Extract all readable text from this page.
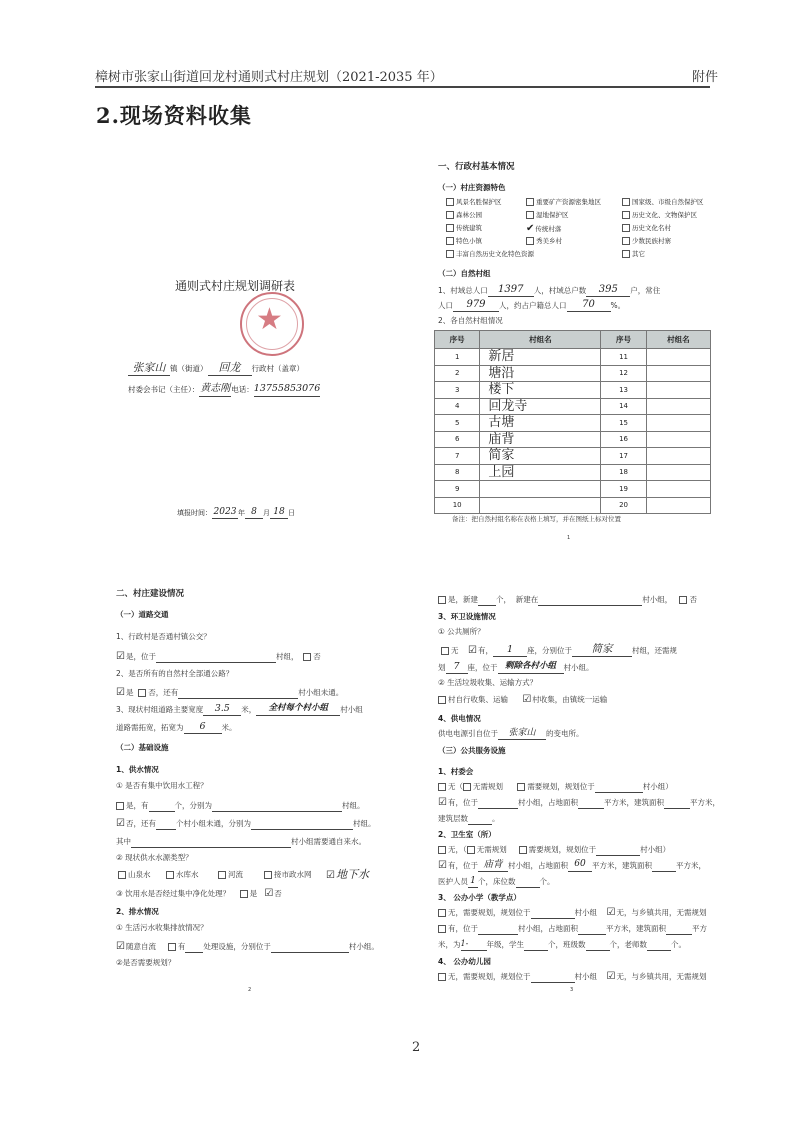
樟树市张家山街道回龙村通则式村庄规划（2021-2035 年）	附件
2.现场资料收集
通则式村庄规划调研表
★
张家山 镇（街道） 回龙 行政村（盖章）
村委会书记（主任）：黄志刚电话：13755853076
填报时间： 2023 年 8 月 18 日
一、行政村基本情况
（一）村庄资源特色
风景名胜保护区	重要矿产资源密集地区	国家级、市级自然保护区
森林公园	湿地保护区	历史文化、文物保护区
传统建筑	✔传统村落	历史文化名村
特色小镇	秀美乡村	少数民族村寨
丰富自然历史文化特色资源	其它
（二）自然村组
1、村域总人口 1397 人，村域总户数 395 户，常住
人口 979 人，约占户籍总人口 70 %。
2、各自然村组情况
序号	村组名	序号	村组名
1	新居	11	
2	塘沿	12	
3	楼下	13	
4	回龙寺	14	
5	古塘	15	
6	庙背	16	
7	简家	17	
8	上园	18	
9		19	
10		20	
备注：把自然村组名称在表格上填写，并在图纸上标对位置
1
二、村庄建设情况
（一）道路交通
1、行政村是否通村镇公交？
☑是，位于	村组， 否
2、是否所有的自然村全部通公路？
☑是 否，还有	村小组未通。
3、现状村组道路主要宽度 3.5 米， 全村每个村小组 村小组
道路需拓宽，拓宽为 6 米。
（二）基础设施
1、供水情况
① 是否有集中饮用水工程？
是，有	个，分别为	村组。
☑否，还有	个村小组未通，分别为	村组。
其中	村小组需要通自来水。
② 现状供水水源类型？
山泉水	水库水	河流	接市政水网 ☑地下水
③ 饮用水是否经过集中净化处理？	是 ☑否
2、排水情况
① 生活污水收集排放情况？
☑随意自流	有 处理设施，分别位于	村小组。
②是否需要规划？
2
是，新建 个， 新建在	村小组， 否
3、环卫设施情况
① 公共厕所？
无 ☑有， 1 座，分别位于 简家	村组，还需规
划 7 座，位于 剩除各村小组 村小组。
② 生活垃圾收集、运输方式？
村自行收集、运输 ☑村收集，由镇统一运输
4、供电情况
供电电源引自位于 张家山 的变电所。
（三）公共服务设施
1、村委会
无（ 无需规划	需要规划，规划位于	村小组）
☑有，位于	村小组，占地面积	平方米，建筑面积	平方米，
建筑层数	。
2、卫生室（所）
无，（ 无需规划	需要规划，规划位于	村小组）
☑有，位于 庙背 村小组，占地面积 60 平方米，建筑面积	平方米，
医护人员 1 个，床位数	个。
3、 公办小学（教学点）
无，需要规划，规划位于	村小组 ☑无，与乡镇共用，无需规划
有，位于	村小组，占地面积	平方米，建筑面积	平方
米，为1- 年级，学生	个，班级数	个，老师数	个。
4、 公办幼儿园
无，需要规划，规划位于	村小组 ☑无，与乡镇共用，无需规划
3
2
